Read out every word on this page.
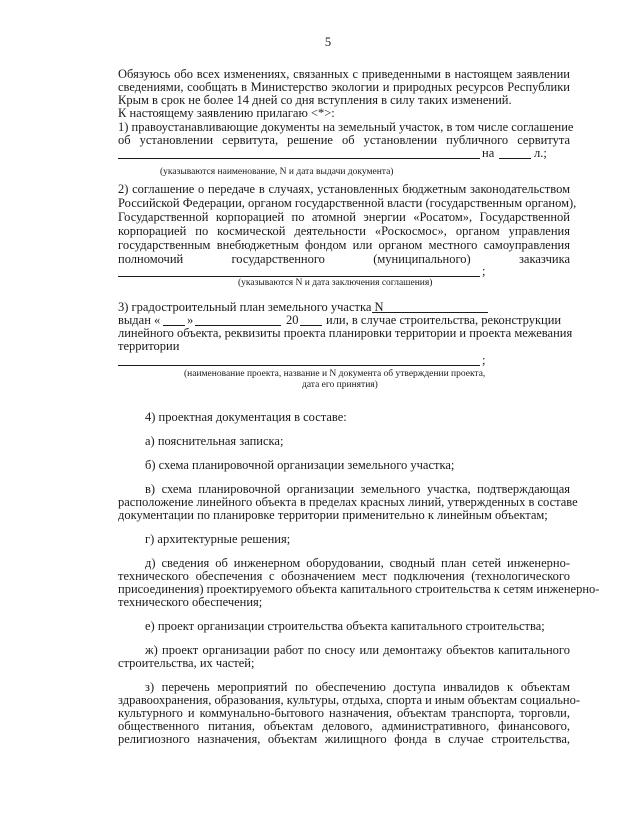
5
Обязуюсь обо всех изменениях, связанных с приведенными в настоящем заявлении
сведениями, сообщать в Министерство экологии и природных ресурсов Республики
Крым в срок не более 14 дней со дня вступления в силу таких изменений.
К настоящему заявлению прилагаю <*>:
1) правоустанавливающие документы на земельный участок, в том числе соглашение
об установлении сервитута, решение об установлении публичного сервитута
на	л.;
(указываются наименование, N и дата выдачи документа)
2) соглашение о передаче в случаях, установленных бюджетным законодательством
Российской Федерации, органом государственной власти (государственным органом),
Государственной корпорацией по атомной энергии «Росатом», Государственной
корпорацией по космической деятельности «Роскосмос», органом управления
государственным внебюджетным фондом или органом местного самоуправления
полномочий	государственного	(муниципального)	заказчика
;
(указываются N и дата заключения соглашения)
3) градостроительный план земельного участка N
выдан « »	20 или, в случае строительства, реконструкции
линейного объекта, реквизиты проекта планировки территории и проекта межевания
территории
;
(наименование проекта, название и N документа об утверждении проекта,
дата его принятия)
4) проектная документация в составе:
а) пояснительная записка;
б) схема планировочной организации земельного участка;
в) схема планировочной организации земельного участка, подтверждающая
расположение линейного объекта в пределах красных линий, утвержденных в составе
документации по планировке территории применительно к линейным объектам;
г) архитектурные решения;
д) сведения об инженерном оборудовании, сводный план сетей инженерно-
технического обеспечения с обозначением мест подключения (технологического
присоединения) проектируемого объекта капитального строительства к сетям инженерно-
технического обеспечения;
е) проект организации строительства объекта капитального строительства;
ж) проект организации работ по сносу или демонтажу объектов капитального
строительства, их частей;
з) перечень мероприятий по обеспечению доступа инвалидов к объектам
здравоохранения, образования, культуры, отдыха, спорта и иным объектам социально-
культурного и коммунально-бытового назначения, объектам транспорта, торговли,
общественного питания, объектам делового, административного, финансового,
религиозного назначения, объектам жилищного фонда в случае строительства,
